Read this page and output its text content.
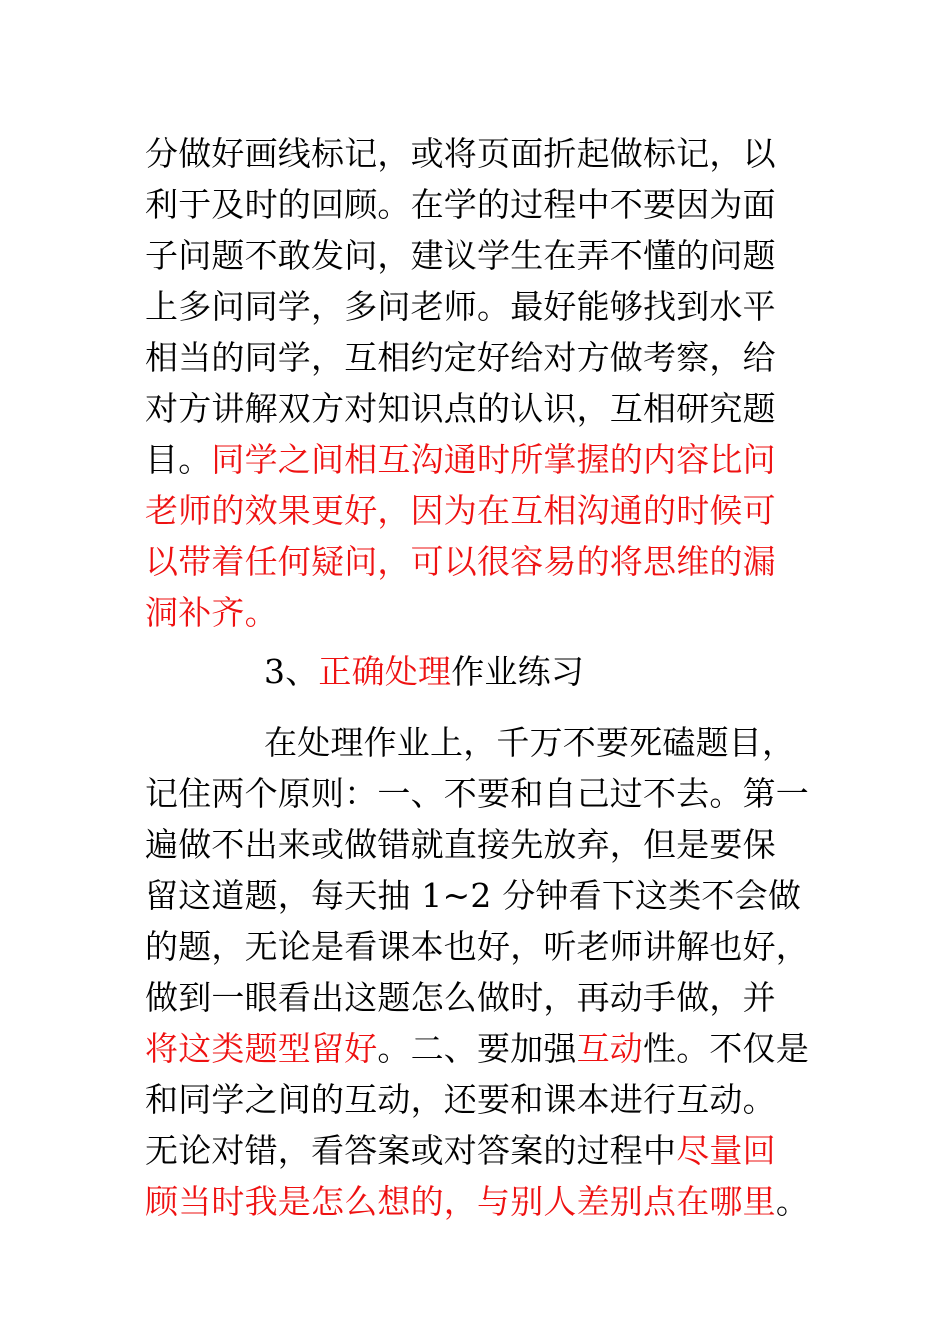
分做好画线标记，或将页面折起做标记，以
利于及时的回顾。在学的过程中不要因为面
子问题不敢发问，建议学生在弄不懂的问题
上多问同学，多问老师。最好能够找到水平
相当的同学，互相约定好给对方做考察，给
对方讲解双方对知识点的认识，互相研究题
目。同学之间相互沟通时所掌握的内容比问
老师的效果更好，因为在互相沟通的时候可
以带着任何疑问，可以很容易的将思维的漏
洞补齐。
3、正确处理作业练习
在处理作业上，千万不要死磕题目，
记住两个原则：一、不要和自己过不去。第一
遍做不出来或做错就直接先放弃，但是要保
留这道题，每天抽 1~2 分钟看下这类不会做
的题，无论是看课本也好，听老师讲解也好，
做到一眼看出这题怎么做时，再动手做，并
将这类题型留好。二、要加强互动性。不仅是
和同学之间的互动，还要和课本进行互动。
无论对错，看答案或对答案的过程中尽量回
顾当时我是怎么想的，与别人差别点在哪里。
